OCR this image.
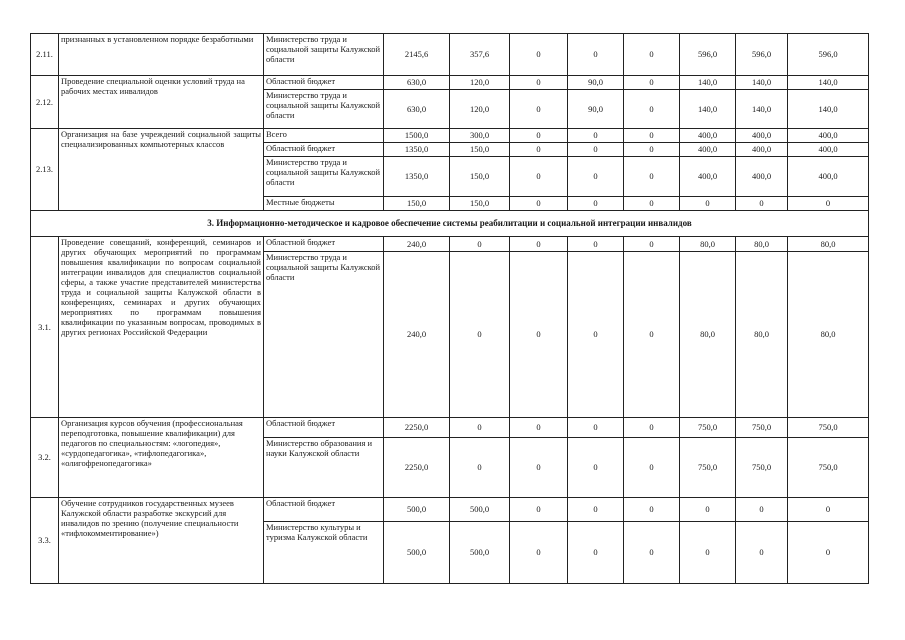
2.11.	признанных в установленном порядке безработными	Министерство труда и социальной защиты Калужской области	2145,6	357,6	0	0	0	596,0	596,0	596,0
2.12.	Проведение специальной оценки условий труда на рабочих местах инвалидов	Областной бюджет	630,0	120,0	0	90,0	0	140,0	140,0	140,0
		Министерство труда и социальной защиты Калужской области	630,0	120,0	0	90,0	0	140,0	140,0	140,0
2.13.	Организация на базе учреждений социальной защиты специализированных компьютерных классов	Всего	1500,0	300,0	0	0	0	400,0	400,0	400,0
		Областной бюджет	1350,0	150,0	0	0	0	400,0	400,0	400,0
		Министерство труда и социальной защиты Калужской области	1350,0	150,0	0	0	0	400,0	400,0	400,0
		Местные бюджеты	150,0	150,0	0	0	0	0	0	0
3. Информационно-методическое и кадровое обеспечение системы реабилитации и социальной интеграции инвалидов										
3.1.	Проведение совещаний, конференций, семинаров и других обучающих мероприятий по программам повышения квалификации по вопросам социальной интеграции инвалидов для специалистов социальной сферы, а также участие представителей министерства труда и социальной защиты Калужской области в конференциях, семинарах и других обучающих мероприятиях по программам повышения квалификации по указанным вопросам, проводимых в других регионах Российской Федерации	Областной бюджет	240,0	0	0	0	0	80,0	80,0	80,0
		Министерство труда и социальной защиты Калужской области	240,0	0	0	0	0	80,0	80,0	80,0
3.2.	Организация курсов обучения (профессиональная переподготовка, повышение квалификации) для педагогов по специальностям: «логопедия», «сурдопедагогика», «тифлопедагогика», «олигофренопедагогика»	Областной бюджет	2250,0	0	0	0	0	750,0	750,0	750,0
		Министерство образования и науки Калужской области	2250,0	0	0	0	0	750,0	750,0	750,0
3.3.	Обучение сотрудников государственных музеев Калужской области разработке экскурсий для инвалидов по зрению (получение специальности «тифлокомментирование»)	Областной бюджет	500,0	500,0	0	0	0	0	0	0
		Министерство культуры и туризма Калужской области	500,0	500,0	0	0	0	0	0	0
